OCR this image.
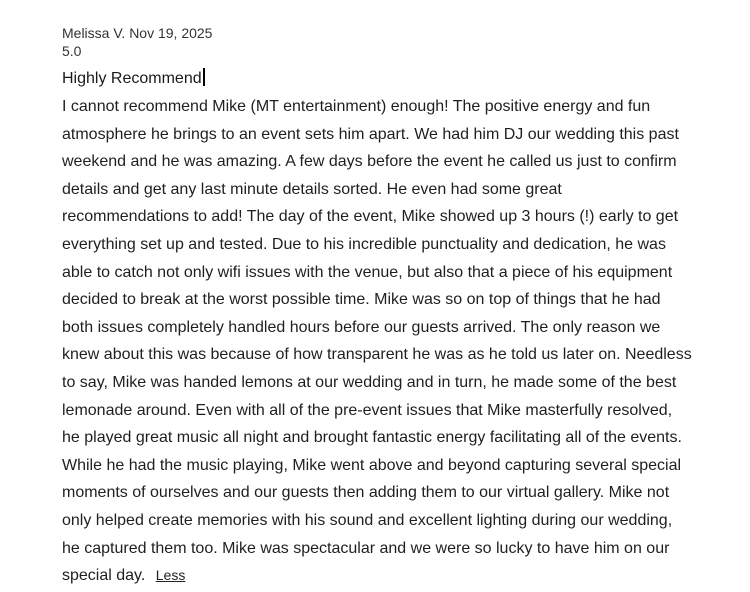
Melissa V. Nov 19, 2025

5.0

Highly Recommend
I cannot recommend Mike (MT entertainment) enough! The positive energy and fun atmosphere he brings to an event sets him apart. We had him DJ our wedding this past weekend and he was amazing. A few days before the event he called us just to confirm details and get any last minute details sorted. He even had some great recommendations to add! The day of the event, Mike showed up 3 hours (!) early to get everything set up and tested. Due to his incredible punctuality and dedication, he was able to catch not only wifi issues with the venue, but also that a piece of his equipment decided to break at the worst possible time. Mike was so on top of things that he had both issues completely handled hours before our guests arrived. The only reason we knew about this was because of how transparent he was as he told us later on. Needless to say, Mike was handed lemons at our wedding and in turn, he made some of the best lemonade around. Even with all of the pre-event issues that Mike masterfully resolved, he played great music all night and brought fantastic energy facilitating all of the events. While he had the music playing, Mike went above and beyond capturing several special moments of ourselves and our guests then adding them to our virtual gallery. Mike not only helped create memories with his sound and excellent lighting during our wedding, he captured them too. Mike was spectacular and we were so lucky to have him on our special day. Less
